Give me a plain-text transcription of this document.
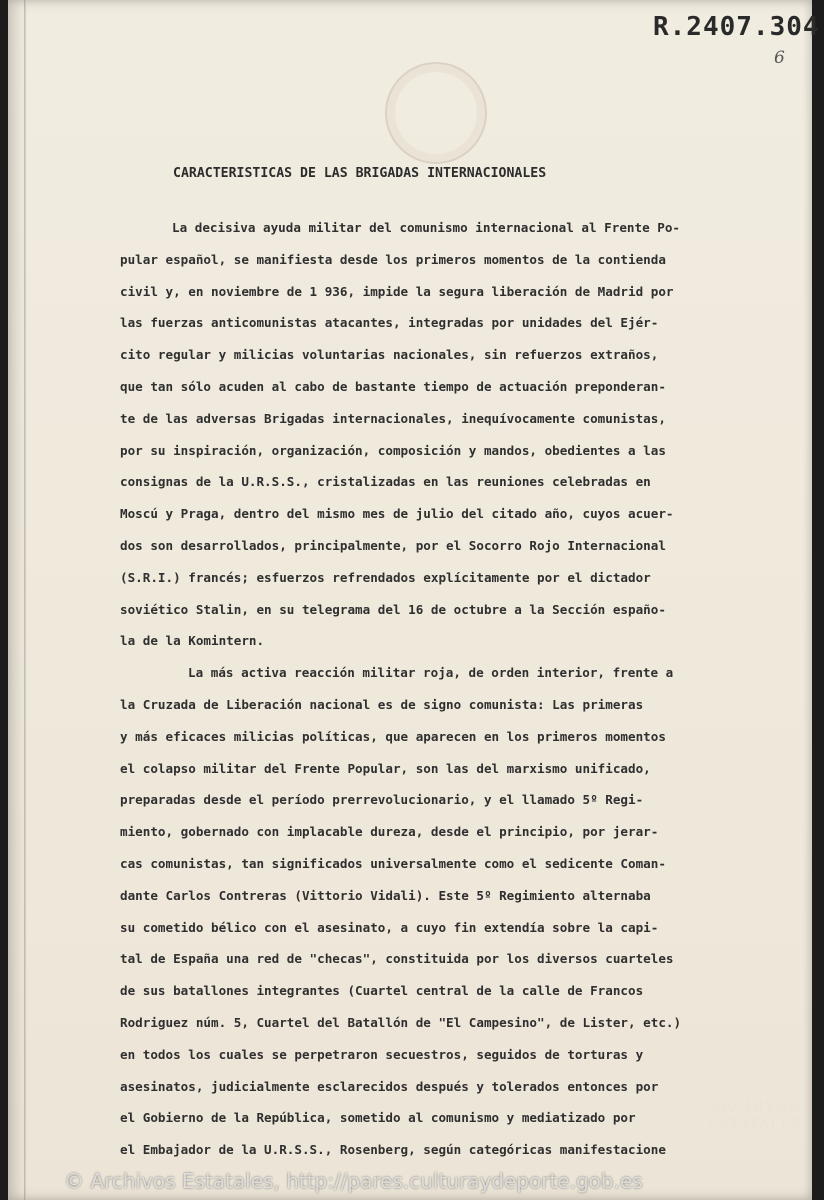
R.2407.304
6
CARACTERISTICAS DE LAS BRIGADAS INTERNACIONALES
La decisiva ayuda militar del comunismo internacional al Frente Po-
pular español, se manifiesta desde los primeros momentos de la contienda
civil y, en noviembre de 1 936, impide la segura liberación de Madrid por
las fuerzas anticomunistas atacantes, integradas por unidades del Ejér-
cito regular y milicias voluntarias nacionales, sin refuerzos extraños,
que tan sólo acuden al cabo de bastante tiempo de actuación preponderan-
te de las adversas Brigadas internacionales, inequívocamente comunistas,
por su inspiración, organización, composición y mandos, obedientes a las
consignas de la U.R.S.S., cristalizadas en las reuniones celebradas en
Moscú y Praga, dentro del mismo mes de julio del citado año, cuyos acuer-
dos son desarrollados, principalmente, por el Socorro Rojo Internacional
(S.R.I.) francés; esfuerzos refrendados explícitamente por el dictador
soviético Stalin, en su telegrama del 16 de octubre a la Sección españo-
la de la Komintern.
La más activa reacción militar roja, de orden interior, frente a
la Cruzada de Liberación nacional es de signo comunista: Las primeras
y más eficaces milicias políticas, que aparecen en los primeros momentos
el colapso militar del Frente Popular, son las del marxismo unificado,
preparadas desde el período prerrevolucionario, y el llamado 5º Regi-
miento, gobernado con implacable dureza, desde el principio, por jerar-
cas comunistas, tan significados universalmente como el sedicente Coman-
dante Carlos Contreras (Vittorio Vidali). Este 5º Regimiento alternaba
su cometido bélico con el asesinato, a cuyo fin extendía sobre la capi-
tal de España una red de "checas", constituida por los diversos cuarteles
de sus batallones integrantes (Cuartel central de la calle de Francos
Rodriguez núm. 5, Cuartel del Batallón de "El Campesino", de Lister, etc.)
en todos los cuales se perpetraron secuestros, seguidos de torturas y
asesinatos, judicialmente esclarecidos después y tolerados entonces por
el Gobierno de la República, sometido al comunismo y mediatizado por
el Embajador de la U.R.S.S., Rosenberg, según categóricas manifestacione
ARCHIVOS
ESTATALES
© Archivos Estatales, http://pares.culturaydeporte.gob.es
